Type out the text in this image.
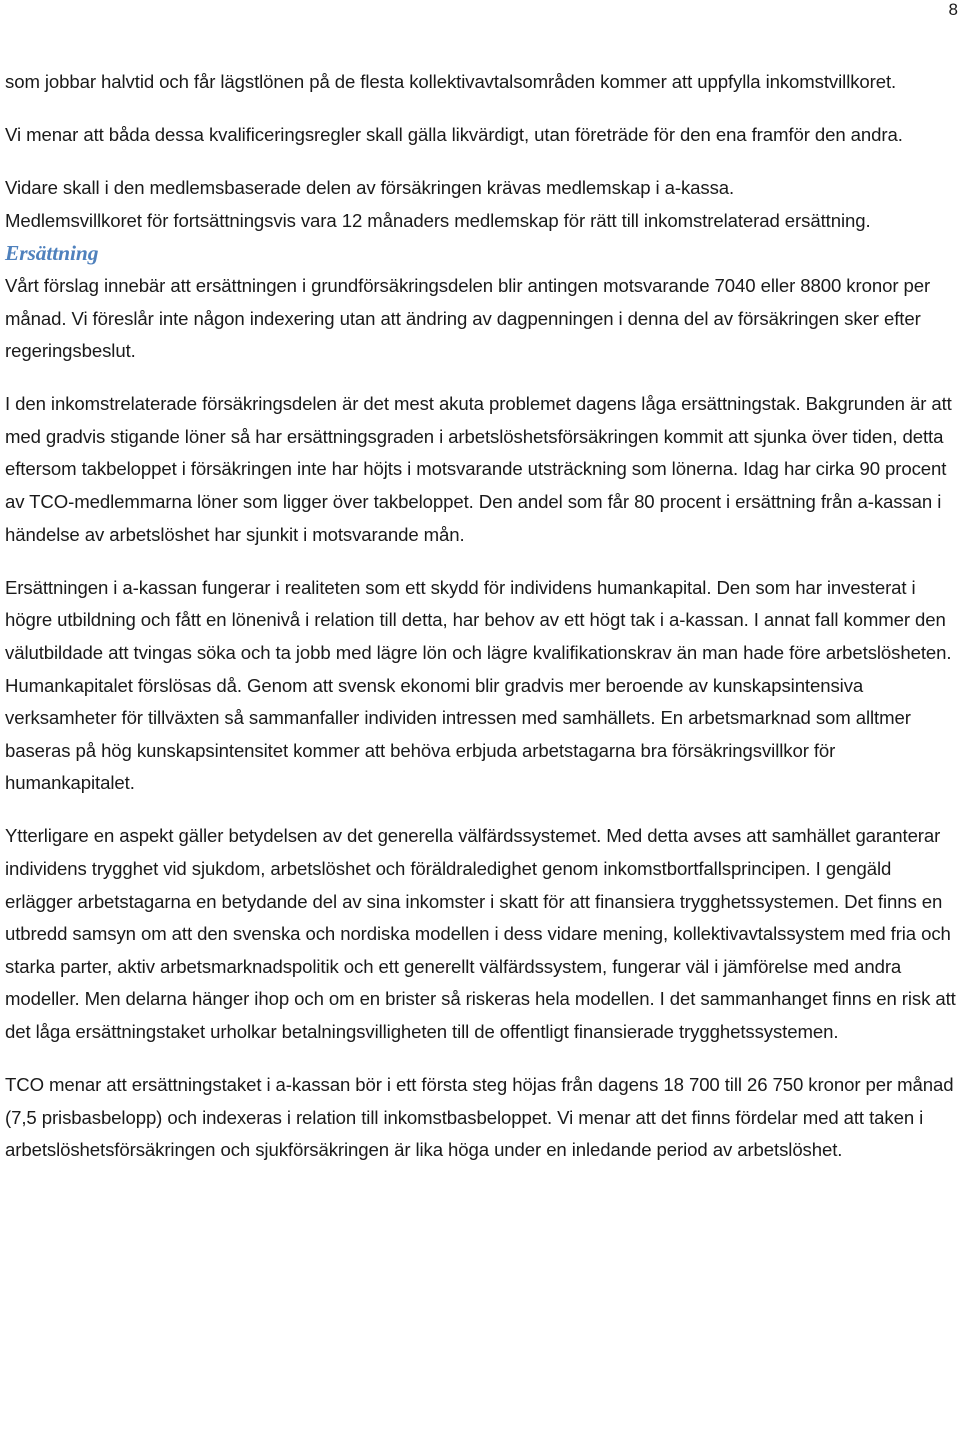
8

som jobbar halvtid och får lägstlönen på de flesta kollektivavtalsområden kommer att uppfylla inkomstvillkoret.

Vi menar att båda dessa kvalificeringsregler skall gälla likvärdigt, utan företräde för den ena framför den andra.

Vidare skall i den medlemsbaserade delen av försäkringen krävas medlemskap i a-kassa.

Medlemsvillkoret för fortsättningsvis vara 12 månaders medlemskap för rätt till inkomstrelaterad ersättning.

Ersättning

Vårt förslag innebär att ersättningen i grundförsäkringsdelen blir antingen motsvarande 7040 eller 8800 kronor per månad. Vi föreslår inte någon indexering utan att ändring av dagpenningen i denna del av försäkringen sker efter regeringsbeslut.

I den inkomstrelaterade försäkringsdelen är det mest akuta problemet dagens låga ersättningstak. Bakgrunden är att med gradvis stigande löner så har ersättningsgraden i arbetslöshetsförsäkringen kommit att sjunka över tiden, detta eftersom takbeloppet i försäkringen inte har höjts i motsvarande utsträckning som lönerna. Idag har cirka 90 procent av TCO-medlemmarna löner som ligger över takbeloppet. Den andel som får 80 procent i ersättning från a-kassan i händelse av arbetslöshet har sjunkit i motsvarande mån.

Ersättningen i a-kassan fungerar i realiteten som ett skydd för individens humankapital. Den som har investerat i högre utbildning och fått en lönenivå i relation till detta, har behov av ett högt tak i a-kassan. I annat fall kommer den välutbildade att tvingas söka och ta jobb med lägre lön och lägre kvalifikationskrav än man hade före arbetslösheten. Humankapitalet förslösas då. Genom att svensk ekonomi blir gradvis mer beroende av kunskapsintensiva verksamheter för tillväxten så sammanfaller individen intressen med samhällets. En arbetsmarknad som alltmer baseras på hög kunskapsintensitet kommer att behöva erbjuda arbetstagarna bra försäkringsvillkor för humankapitalet.

Ytterligare en aspekt gäller betydelsen av det generella välfärdssystemet. Med detta avses att samhället garanterar individens trygghet vid sjukdom, arbetslöshet och föräldraledighet genom inkomstbortfallsprincipen. I gengäld erlägger arbetstagarna en betydande del av sina inkomster i skatt för att finansiera trygghetssystemen. Det finns en utbredd samsyn om att den svenska och nordiska modellen i dess vidare mening, kollektivavtalssystem med fria och starka parter, aktiv arbetsmarknadspolitik och ett generellt välfärdssystem, fungerar väl i jämförelse med andra modeller. Men delarna hänger ihop och om en brister så riskeras hela modellen. I det sammanhanget finns en risk att det låga ersättningstaket urholkar betalningsvilligheten till de offentligt finansierade trygghetssystemen.

TCO menar att ersättningstaket i a-kassan bör i ett första steg höjas från dagens 18 700 till 26 750 kronor per månad (7,5 prisbasbelopp) och indexeras i relation till inkomstbasbeloppet. Vi menar att det finns fördelar med att taken i arbetslöshetsförsäkringen och sjukförsäkringen är lika höga under en inledande period av arbetslöshet.
